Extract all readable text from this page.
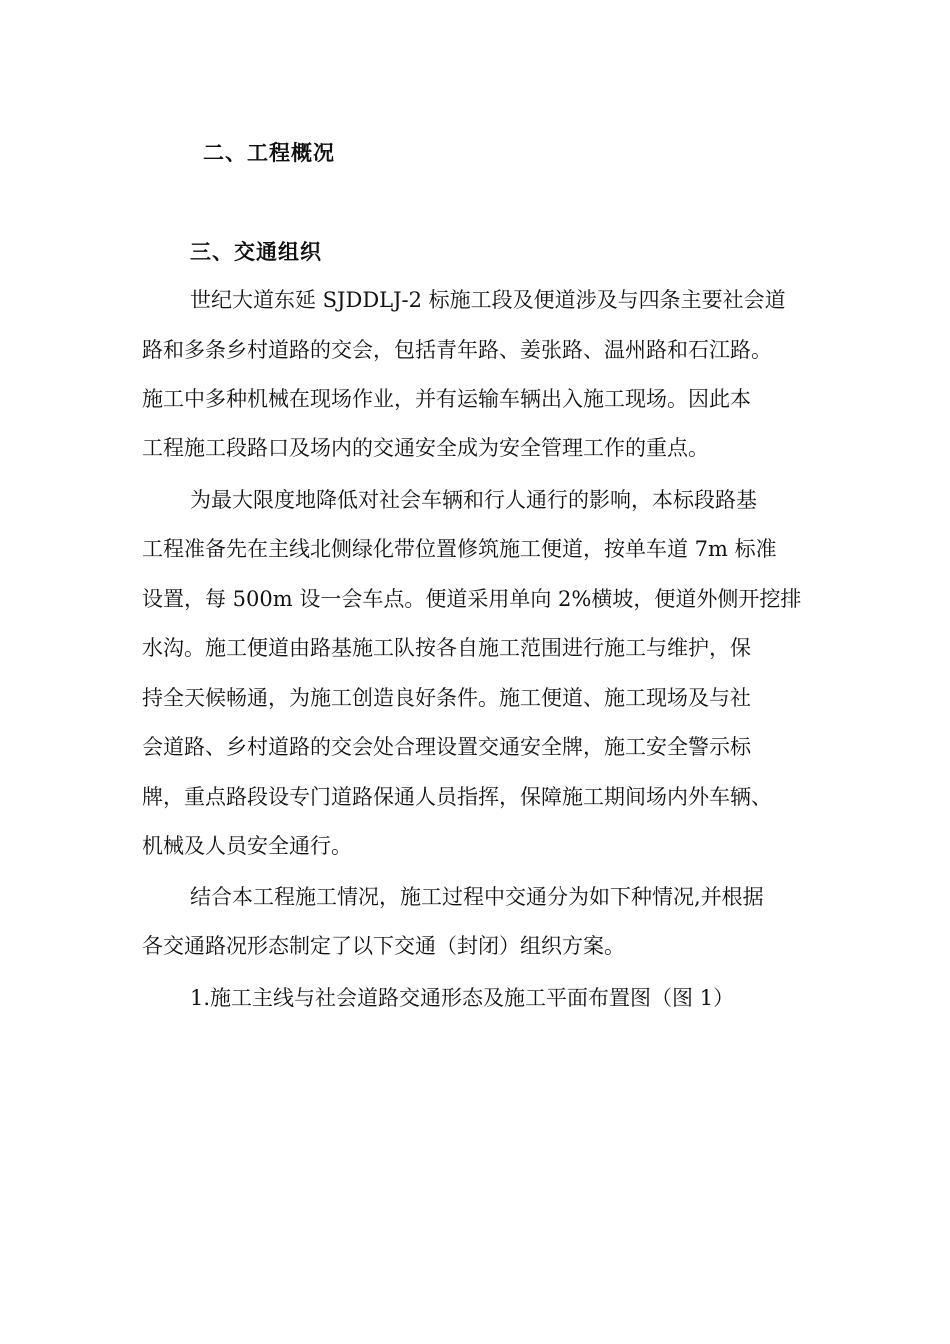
二、工程概况
三、交通组织
世纪大道东延 SJDDLJ-2 标施工段及便道涉及与四条主要社会道
路和多条乡村道路的交会，包括青年路、姜张路、温州路和石江路。
施工中多种机械在现场作业，并有运输车辆出入施工现场。因此本
工程施工段路口及场内的交通安全成为安全管理工作的重点。
为最大限度地降低对社会车辆和行人通行的影响，本标段路基
工程准备先在主线北侧绿化带位置修筑施工便道，按单车道 7m 标准
设置，每 500m 设一会车点。便道采用单向 2%横坡，便道外侧开挖排
水沟。施工便道由路基施工队按各自施工范围进行施工与维护，保
持全天候畅通，为施工创造良好条件。施工便道、施工现场及与社
会道路、乡村道路的交会处合理设置交通安全牌，施工安全警示标
牌，重点路段设专门道路保通人员指挥，保障施工期间场内外车辆、
机械及人员安全通行。
结合本工程施工情况，施工过程中交通分为如下种情况,并根据
各交通路况形态制定了以下交通（封闭）组织方案。
1.施工主线与社会道路交通形态及施工平面布置图（图 1）
